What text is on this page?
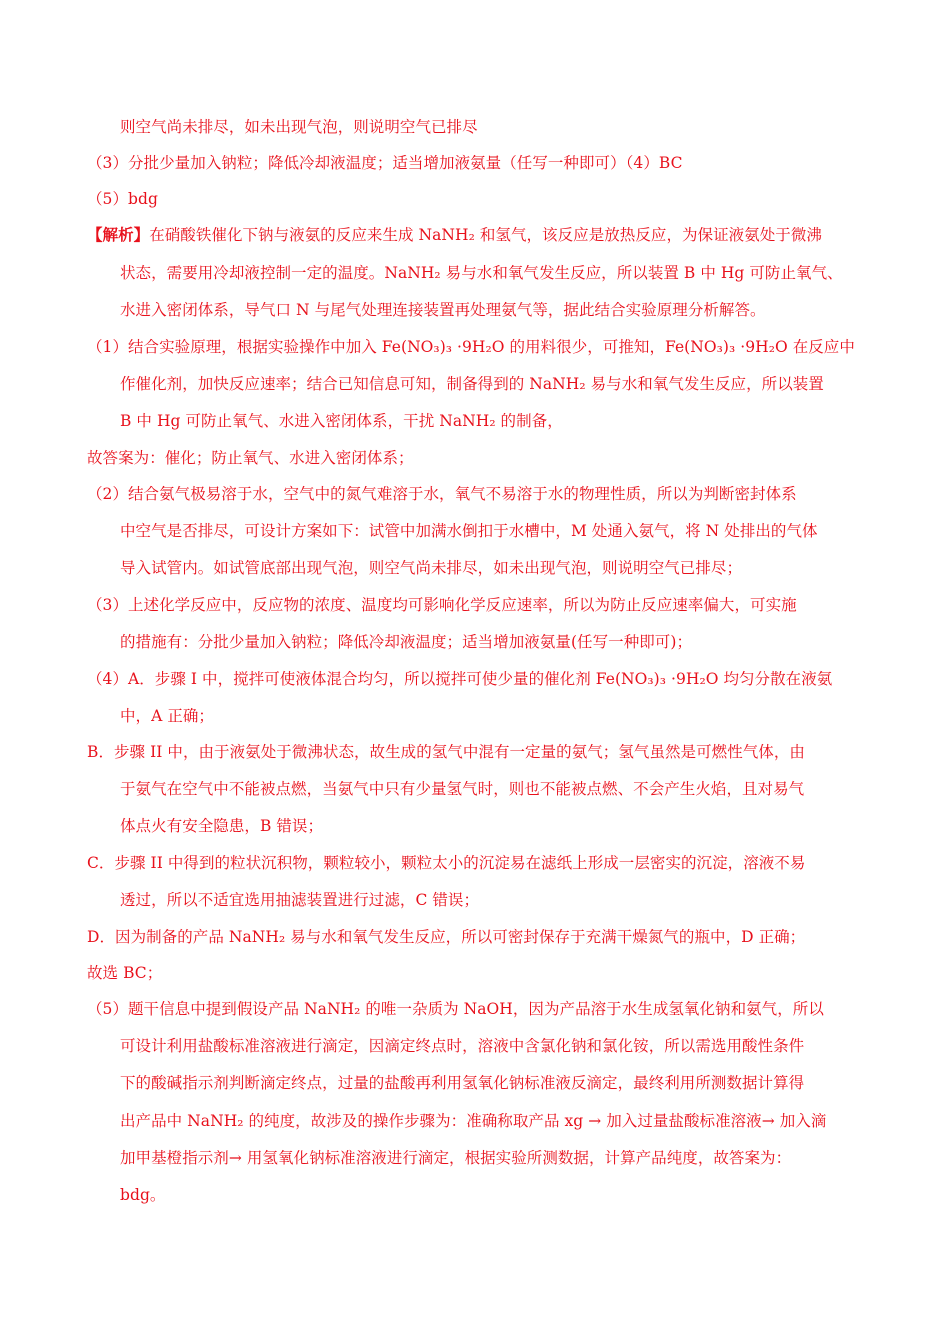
则空气尚未排尽，如未出现气泡，则说明空气已排尽
（3）分批少量加入钠粒；降低冷却液温度；适当增加液氨量（任写一种即可）（4）BC
（5）bdg
【解析】在硝酸铁催化下钠与液氨的反应来生成 NaNH₂ 和氢气，该反应是放热反应，为保证液氨处于微沸
状态，需要用冷却液控制一定的温度。NaNH₂ 易与水和氧气发生反应，所以装置 B 中 Hg 可防止氧气、
水进入密闭体系，导气口 N 与尾气处理连接装置再处理氨气等，据此结合实验原理分析解答。
（1）结合实验原理，根据实验操作中加入 Fe(NO₃)₃ ·9H₂O 的用料很少，可推知，Fe(NO₃)₃ ·9H₂O 在反应中
作催化剂，加快反应速率；结合已知信息可知，制备得到的 NaNH₂ 易与水和氧气发生反应，所以装置
B 中 Hg 可防止氧气、水进入密闭体系，干扰 NaNH₂ 的制备，
故答案为：催化；防止氧气、水进入密闭体系；
（2）结合氨气极易溶于水，空气中的氮气难溶于水，氧气不易溶于水的物理性质，所以为判断密封体系
中空气是否排尽，可设计方案如下：试管中加满水倒扣于水槽中，M 处通入氨气，将 N 处排出的气体
导入试管内。如试管底部出现气泡，则空气尚未排尽，如未出现气泡，则说明空气已排尽；
（3）上述化学反应中，反应物的浓度、温度均可影响化学反应速率，所以为防止反应速率偏大，可实施
的措施有：分批少量加入钠粒；降低冷却液温度；适当增加液氨量(任写一种即可)；
（4）A．步骤 I 中，搅拌可使液体混合均匀，所以搅拌可使少量的催化剂 Fe(NO₃)₃ ·9H₂O 均匀分散在液氨
中，A 正确；
B．步骤 II 中，由于液氨处于微沸状态，故生成的氢气中混有一定量的氨气；氢气虽然是可燃性气体，由
于氨气在空气中不能被点燃，当氨气中只有少量氢气时，则也不能被点燃、不会产生火焰，且对易气
体点火有安全隐患，B 错误；
C．步骤 II 中得到的粒状沉积物，颗粒较小，颗粒太小的沉淀易在滤纸上形成一层密实的沉淀，溶液不易
透过，所以不适宜选用抽滤装置进行过滤，C 错误；
D．因为制备的产品 NaNH₂ 易与水和氧气发生反应，所以可密封保存于充满干燥氮气的瓶中，D 正确；
故选 BC；
（5）题干信息中提到假设产品 NaNH₂ 的唯一杂质为 NaOH，因为产品溶于水生成氢氧化钠和氨气，所以
可设计利用盐酸标准溶液进行滴定，因滴定终点时，溶液中含氯化钠和氯化铵，所以需选用酸性条件
下的酸碱指示剂判断滴定终点，过量的盐酸再利用氢氧化钠标准液反滴定，最终利用所测数据计算得
出产品中 NaNH₂ 的纯度，故涉及的操作步骤为：准确称取产品 xg → 加入过量盐酸标准溶液→ 加入滴
加甲基橙指示剂→ 用氢氧化钠标准溶液进行滴定，根据实验所测数据，计算产品纯度，故答案为：
bdg。
